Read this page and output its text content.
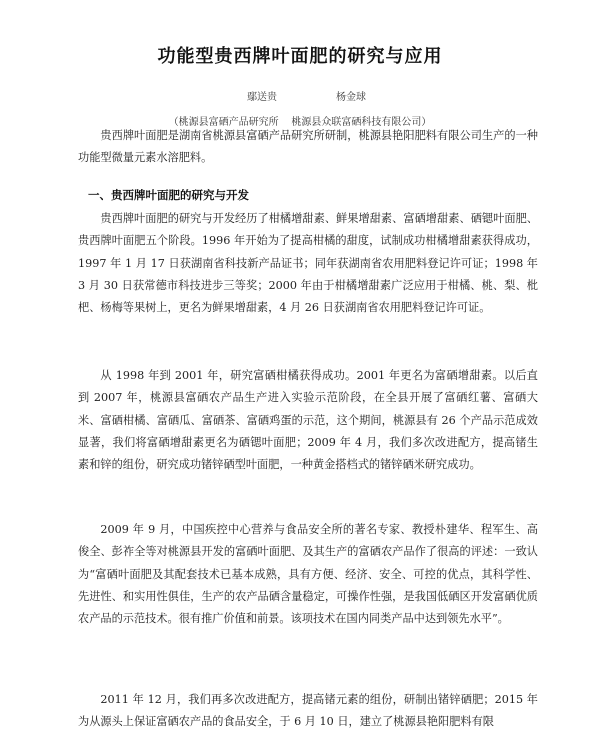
功能型贵西牌叶面肥的研究与应用
鄢送贵	杨金球
（桃源县富硒产品研究所    桃源县众联富硒科技有限公司）

贵西牌叶面肥是湖南省桃源县富硒产品研究所研制，桃源县艳阳肥料有限公司生产的一种功能型微量元素水溶肥料。

一、贵西牌叶面肥的研究与开发

贵西牌叶面肥的研究与开发经历了柑橘增甜素、鲜果增甜素、富硒增甜素、硒锶叶面肥、贵西牌叶面肥五个阶段。1996 年开始为了提高柑橘的甜度，试制成功柑橘增甜素获得成功，1997 年 1 月 17 日获湖南省科技新产品证书；同年获湖南省农用肥料登记许可证；1998 年 3 月 30 日获常德市科技进步三等奖；2000 年由于柑橘增甜素广泛应用于柑橘、桃、梨、枇杷、杨梅等果树上，更名为鲜果增甜素，4 月 26 日获湖南省农用肥料登记许可证。

从 1998 年到 2001 年，研究富硒柑橘获得成功。2001 年更名为富硒增甜素。以后直到 2007 年，桃源县富硒农产品生产进入实验示范阶段，在全县开展了富硒红薯、富硒大米、富硒柑橘、富硒瓜、富硒茶、富硒鸡蛋的示范，这个期间，桃源县有 26 个产品示范成效显著，我们将富硒增甜素更名为硒锶叶面肥；2009 年 4 月，我们多次改进配方，提高锗生素和锌的组份，研究成功锗锌硒型叶面肥，一种黄金搭档式的锗锌硒米研究成功。

2009 年 9 月，中国疾控中心营养与食品安全所的著名专家、教授朴建华、程军生、高俊全、彭祚全等对桃源县开发的富硒叶面肥、及其生产的富硒农产品作了很高的评述：一致认为“富硒叶面肥及其配套技术已基本成熟，具有方便、经济、安全、可控的优点，其科学性、先进性、和实用性俱佳，生产的农产品硒含量稳定，可操作性强，是我国低硒区开发富硒优质农产品的示范技术。很有推广价值和前景。该项技术在国内同类产品中达到领先水平”。

2011 年 12 月，我们再多次改进配方，提高锗元素的组份，研制出锗锌硒肥；2015 年为从源头上保证富硒农产品的食品安全，于 6 月 10 日，建立了桃源县艳阳肥料有限
